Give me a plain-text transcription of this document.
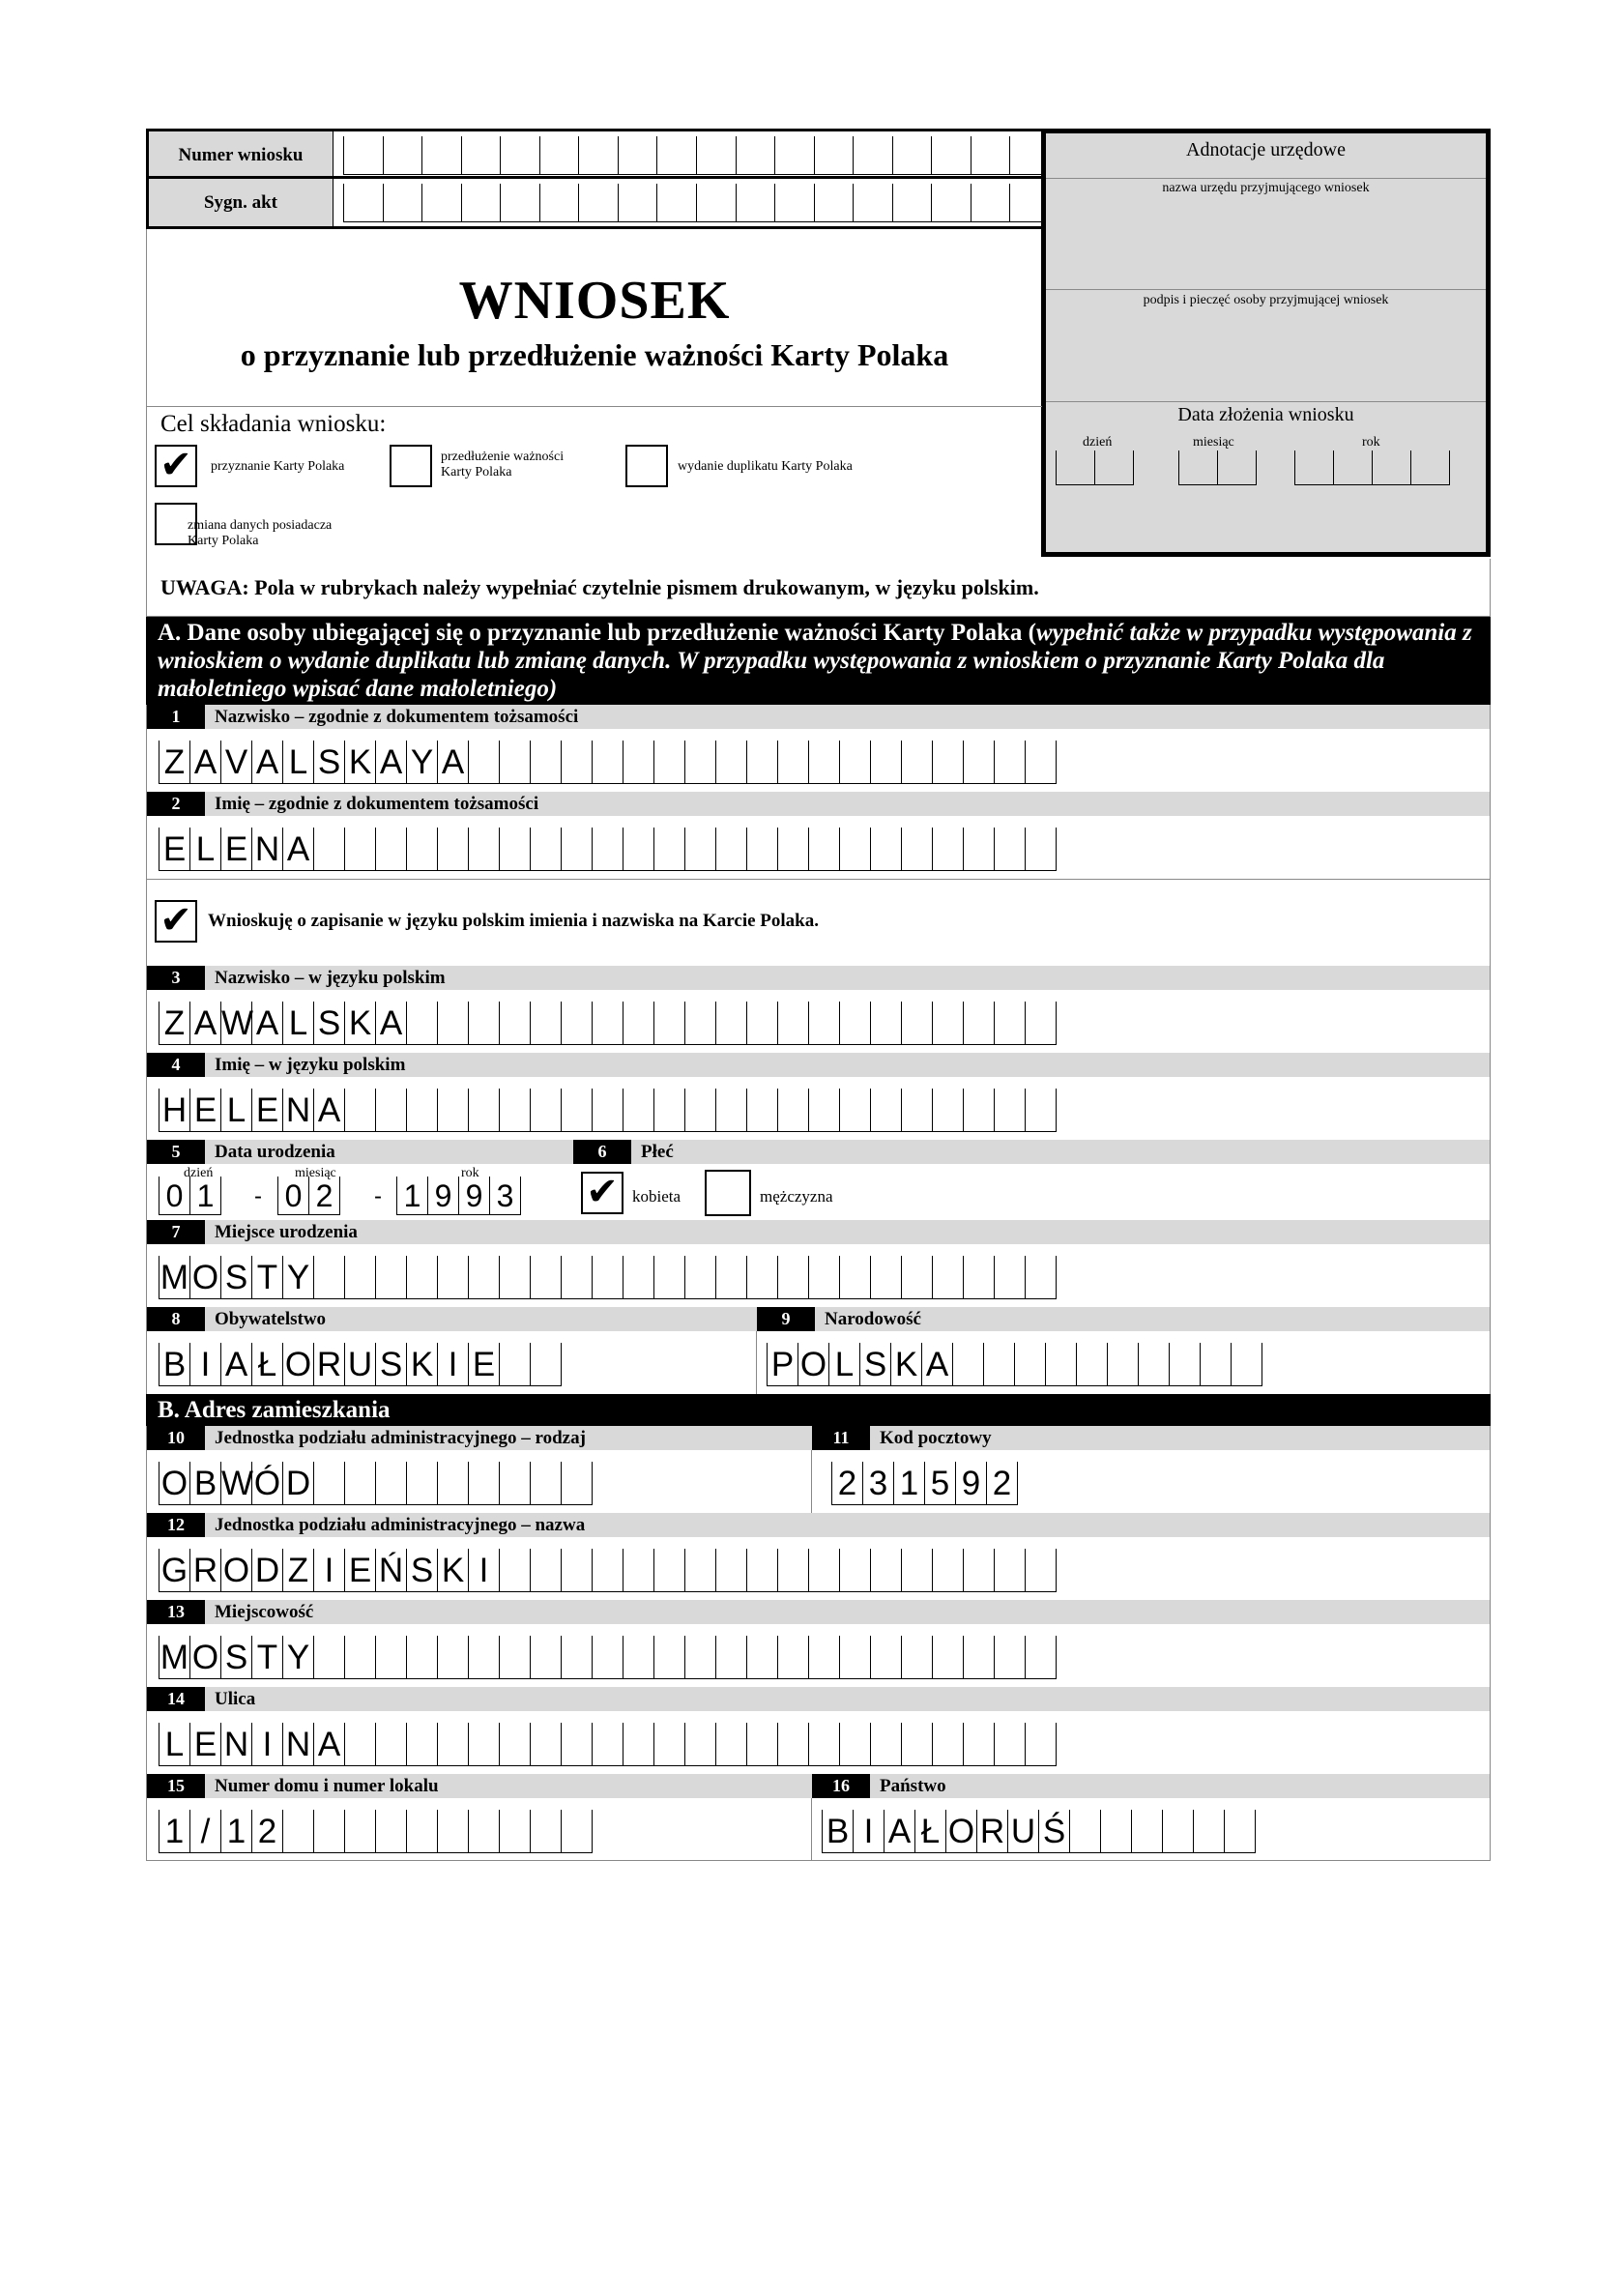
Numer wniosku
Sygn. akt
Adnotacje urzędowe
nazwa urzędu przyjmującego wniosek
podpis i pieczęć osoby przyjmującej wniosek
Data złożenia wniosku
dzień	miesiąc	rok
WNIOSEK
o przyznanie lub przedłużenie ważności Karty Polaka
Cel składania wniosku:
✔	przyznanie Karty Polaka
przedłużenie ważności
Karty Polaka	wydanie duplikatu Karty Polaka
zmiana danych posiadacza
Karty Polaka
UWAGA: Pola w rubrykach należy wypełniać czytelnie pismem drukowanym, w języku polskim.
A. Dane osoby ubiegającej się o przyznanie lub przedłużenie ważności Karty Polaka (wypełnić także w przypadku występowania z wnioskiem o wydanie duplikatu lub zmianę danych. W przypadku występowania z wnioskiem o przyznanie Karty Polaka dla małoletniego wpisać dane małoletniego)
1	Nazwisko – zgodnie z dokumentem tożsamości
Z A V A L S K A Y A
2	Imię – zgodnie z dokumentem tożsamości
E L E N A
✔ Wnioskuję o zapisanie w języku polskim imienia i nazwiska na Karcie Polaka.
3	Nazwisko – w języku polskim
Z A W A L S K A
4	Imię – w języku polskim
H E L E N A
5	Data urodzenia	6	Płeć
dzień	miesiąc	rok
0 1	- 0 2	- 1 9 9 3 ✔ kobieta	mężczyzna
7	Miejsce urodzenia
M O S T Y
8	Obywatelstwo	9	Narodowość
B I A Ł O R U S K I E	P O L S K A
B. Adres zamieszkania
10	Jednostka podziału administracyjnego – rodzaj	11	Kod pocztowy
O B W Ó D	2 3 1 5 9 2
12	Jednostka podziału administracyjnego – nazwa
G R O D Z I E Ń S K I
13	Miejscowość
M O S T Y
14	Ulica
L E N I N A
15	Numer domu i numer lokalu	16	Państwo
1 / 1 2	B I A Ł O R U Ś
